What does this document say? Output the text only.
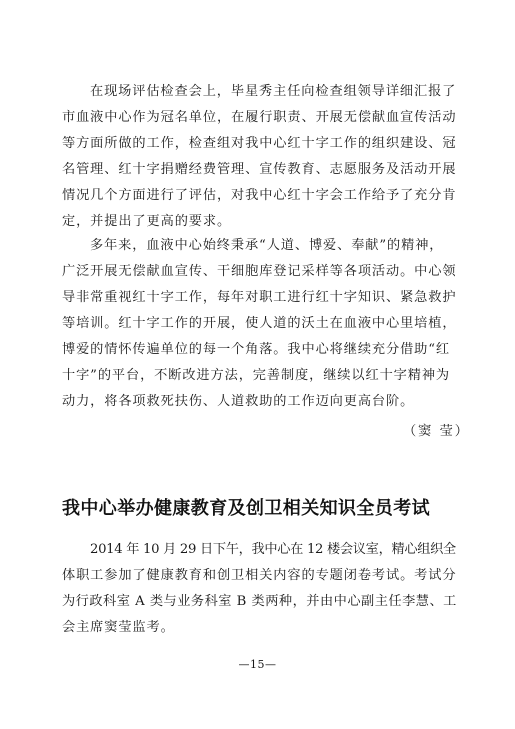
在现场评估检查会上，毕星秀主任向检查组领导详细汇报了
市血液中心作为冠名单位，在履行职责、开展无偿献血宣传活动
等方面所做的工作，检查组对我中心红十字工作的组织建设、冠
名管理、红十字捐赠经费管理、宣传教育、志愿服务及活动开展
情况几个方面进行了评估，对我中心红十字会工作给予了充分肯
定，并提出了更高的要求。
多年来，血液中心始终秉承“人道、博爱、奉献”的精神，
广泛开展无偿献血宣传、干细胞库登记采样等各项活动。中心领
导非常重视红十字工作，每年对职工进行红十字知识、紧急救护
等培训。红十字工作的开展，使人道的沃土在血液中心里培植，
博爱的情怀传遍单位的每一个角落。我中心将继续充分借助“红
十字”的平台，不断改进方法，完善制度，继续以红十字精神为
动力，将各项救死扶伤、人道救助的工作迈向更高台阶。
（窦 莹）
我中心举办健康教育及创卫相关知识全员考试
2014 年 10 月 29 日下午，我中心在 12 楼会议室，精心组织全
体职工参加了健康教育和创卫相关内容的专题闭卷考试。考试分
为行政科室 A 类与业务科室 B 类两种，并由中心副主任李慧、工
会主席窦莹监考。
—15—
